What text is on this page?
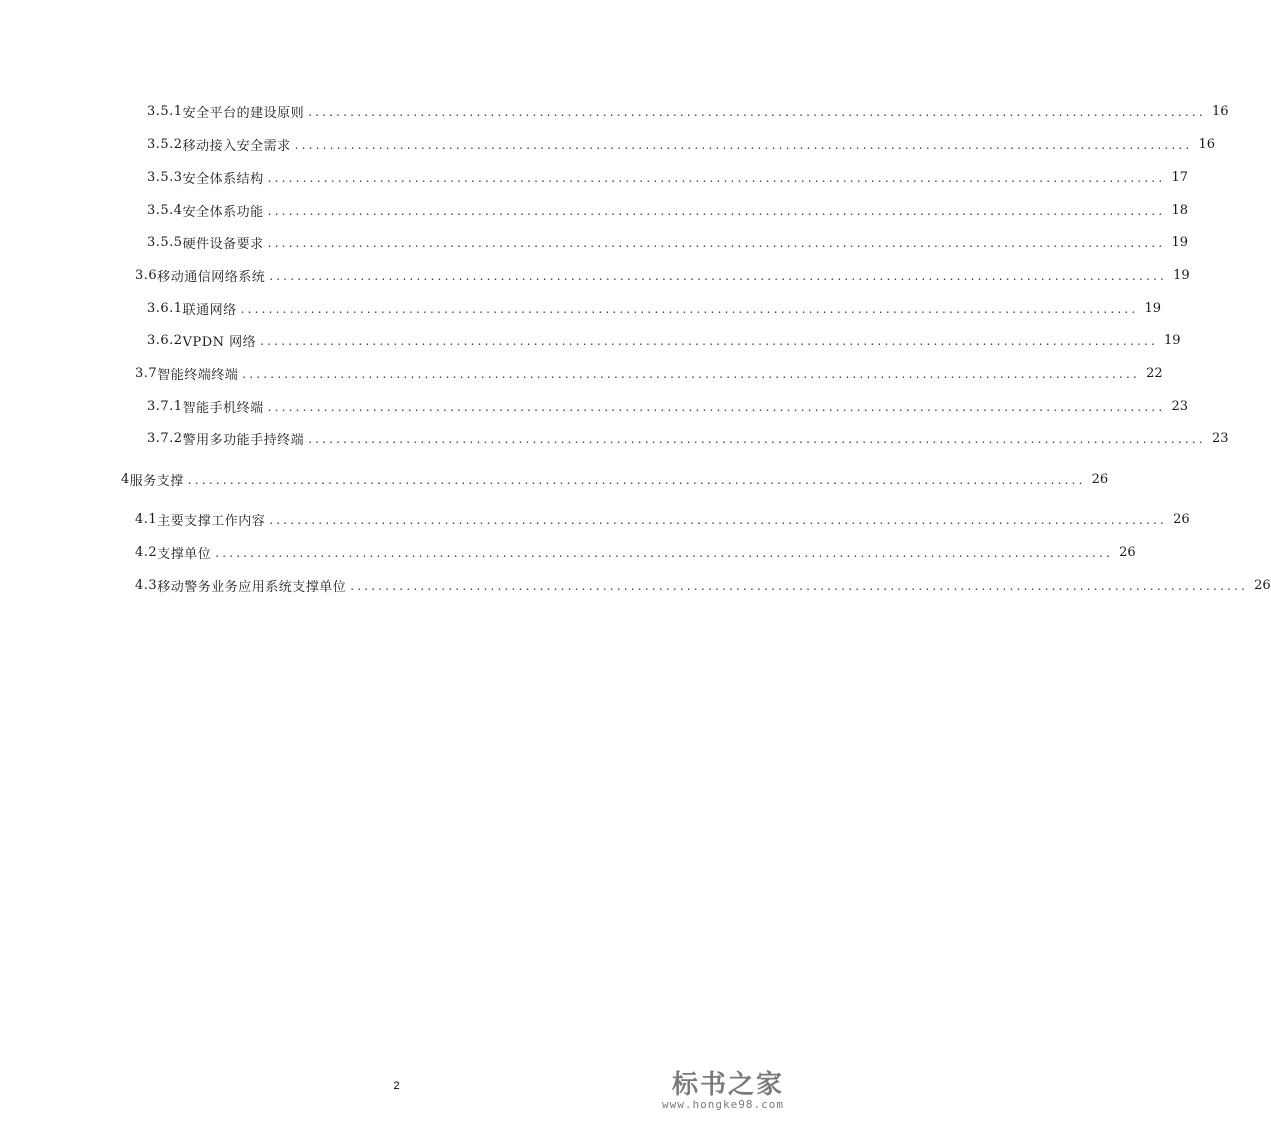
3.5.1 安全平台的建设原则 ................................................................................................................................ 16
3.5.2 移动接入安全需求 ................................................................................................................................ 16
3.5.3 安全体系结构 ................................................................................................................................ 17
3.5.4 安全体系功能 ................................................................................................................................ 18
3.5.5 硬件设备要求 ................................................................................................................................ 19
3.6 移动通信网络系统 ................................................................................................................................ 19
3.6.1 联通网络 ................................................................................................................................ 19
3.6.2 VPDN 网络 ................................................................................................................................ 19
3.7 智能终端终端 ................................................................................................................................ 22
3.7.1 智能手机终端 ................................................................................................................................ 23
3.7.2 警用多功能手持终端 ................................................................................................................................ 23
4 服务支撑 ................................................................................................................................ 26
4.1 主要支撑工作内容 ................................................................................................................................ 26
4.2 支撑单位 ................................................................................................................................ 26
4.3 移动警务业务应用系统支撑单位 ................................................................................................................................ 26
2	标书之家
www.hongke98.com
